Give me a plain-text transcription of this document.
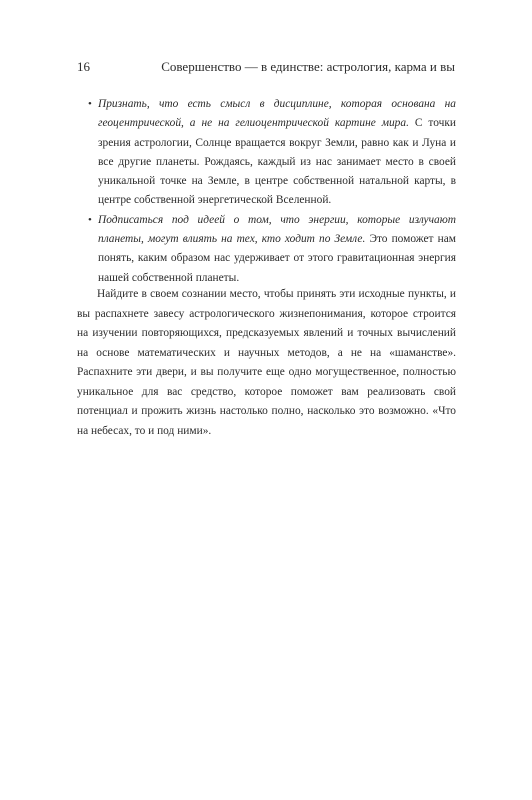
16	Совершенство — в единстве: астрология, карма и вы
• Признать, что есть смысл в дисциплине, которая основана на геоцентрической, а не на гелиоцентрической картине мира. С точки зрения астрологии, Солнце вращается вокруг Земли, равно как и Луна и все другие планеты. Рождаясь, каждый из нас занимает место в своей уникальной точке на Земле, в центре собственной натальной карты, в центре собственной энергетической Вселенной.
• Подписаться под идеей о том, что энергии, которые излучают планеты, могут влиять на тех, кто ходит по Земле. Это поможет нам понять, каким образом нас удерживает от этого гравитационная энергия нашей собственной планеты.

Найдите в своем сознании место, чтобы принять эти исходные пункты, и вы распахнете завесу астрологического жизнепонимания, которое строится на изучении повторяющихся, предсказуемых явлений и точных вычислений на основе математических и научных методов, а не на «шаманстве». Распахните эти двери, и вы получите еще одно могущественное, полностью уникальное для вас средство, которое поможет вам реализовать свой потенциал и прожить жизнь настолько полно, насколько это возможно. «Что на небесах, то и под ними».
